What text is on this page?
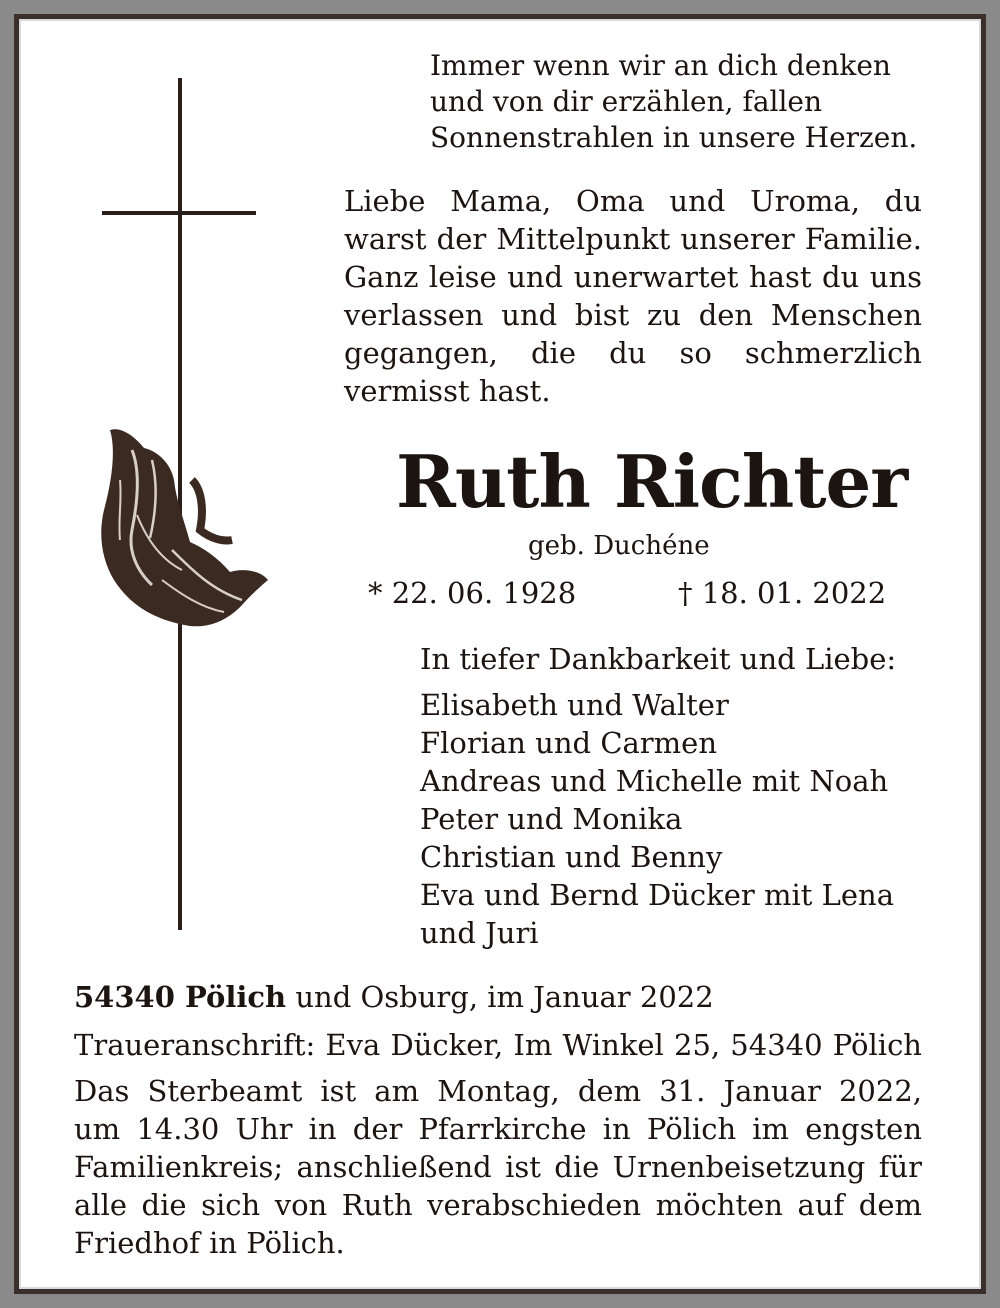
Immer wenn wir an dich denken
und von dir erzählen, fallen
Sonnenstrahlen in unsere Herzen.
Liebe Mama, Oma und Uroma, du
warst der Mittelpunkt unserer Familie.
Ganz leise und unerwartet hast du uns
verlassen und bist zu den Menschen
gegangen, die du so schmerzlich
vermisst hast.
Ruth Richter
geb. Duchéne
* 22. 06. 1928	† 18. 01. 2022
In tiefer Dankbarkeit und Liebe:
Elisabeth und Walter
Florian und Carmen
Andreas und Michelle mit Noah
Peter und Monika
Christian und Benny
Eva und Bernd Dücker mit Lena
und Juri
54340 Pölich und Osburg, im Januar 2022
Traueranschrift: Eva Dücker, Im Winkel 25, 54340 Pölich
Das Sterbeamt ist am Montag, dem 31. Januar 2022,
um 14.30 Uhr in der Pfarrkirche in Pölich im engsten
Familienkreis; anschließend ist die Urnenbeisetzung für
alle die sich von Ruth verabschieden möchten auf dem
Friedhof in Pölich.
